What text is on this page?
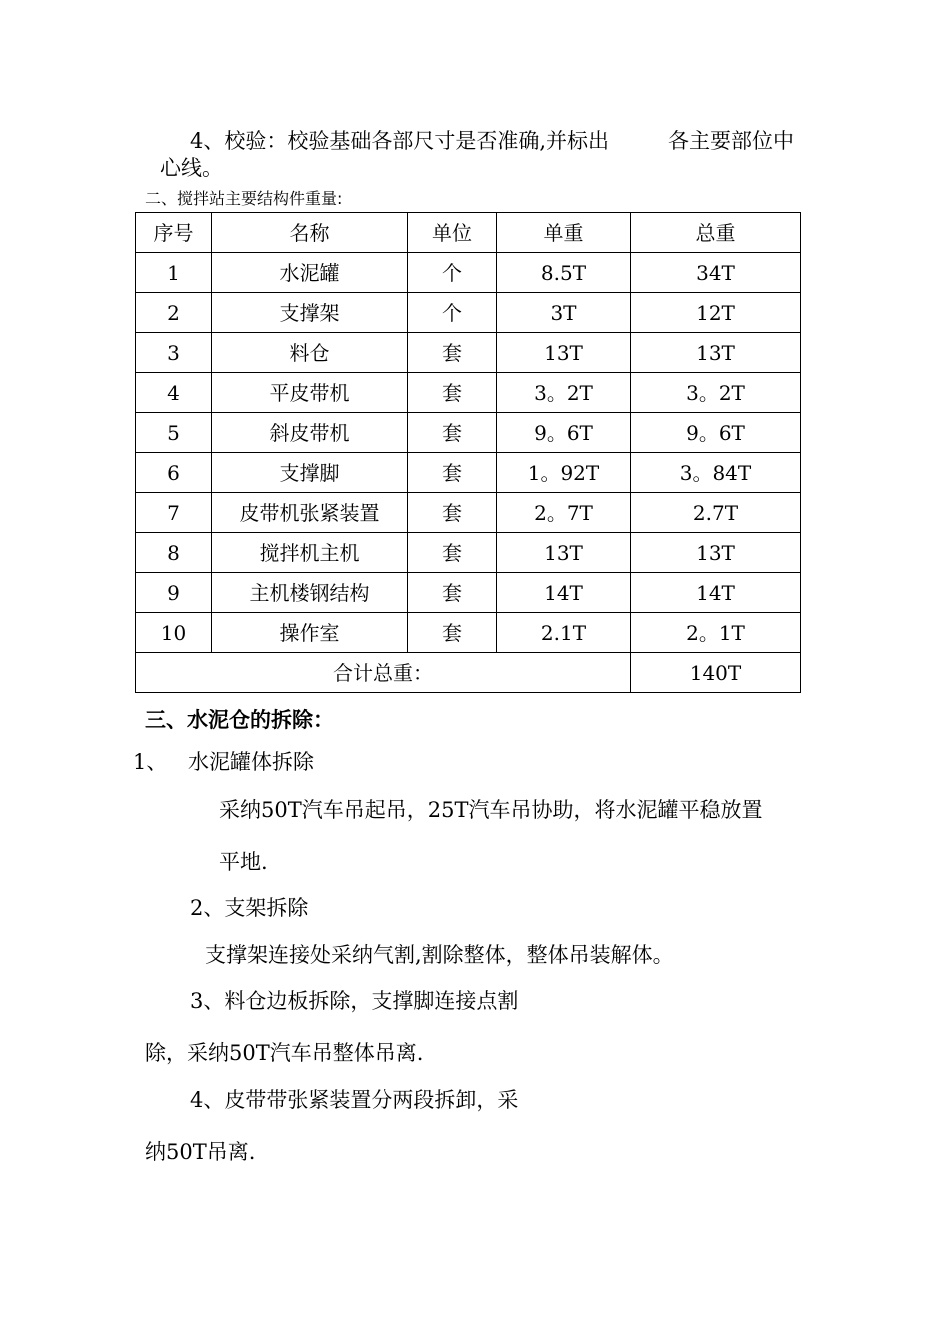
4、校验：校验基础各部尺寸是否准确,并标出	各主要部位中
心线。
二、搅拌站主要结构件重量:
序号	名称	单位	单重	总重
1	水泥罐	个	8.5T	34T
2	支撑架	个	3T	12T
3	料仓	套	13T	13T
4	平皮带机	套	3。2T	3。2T
5	斜皮带机	套	9。6T	9。6T
6	支撑脚	套	1。92T	3。84T
7	皮带机张紧装置	套	2。7T	2.7T
8	搅拌机主机	套	13T	13T
9	主机楼钢结构	套	14T	14T
10	操作室	套	2.1T	2。1T
合计总重：				140T
三、水泥仓的拆除：
1、 水泥罐体拆除
采纳50T汽车吊起吊，25T汽车吊协助，将水泥罐平稳放置
平地.
2、支架拆除
支撑架连接处采纳气割,割除整体，整体吊装解体。
3、料仓边板拆除，支撑脚连接点割
除，采纳50T汽车吊整体吊离.
4、皮带带张紧装置分两段拆卸，采
纳50T吊离.
